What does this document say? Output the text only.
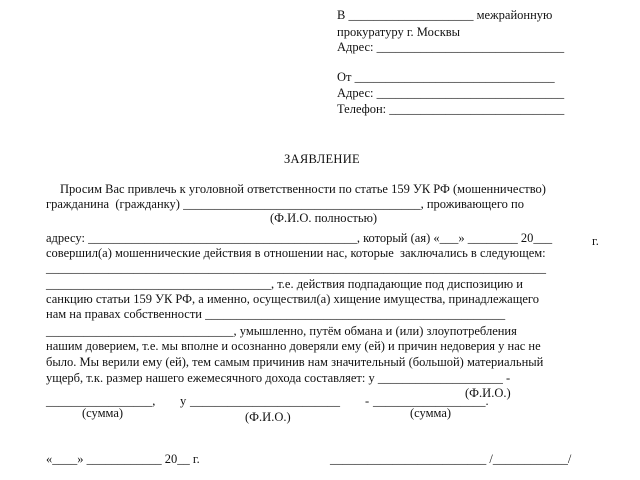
В ____________________ межрайонную
прокуратуру г. Москвы
Адрес: ______________________________
От ________________________________
Адрес: ______________________________
Телефон: ____________________________
ЗАЯВЛЕНИЕ
Просим Вас привлечь к уголовной ответственности по статье 159 УК РФ (мошенничество)
гражданина  (гражданку) ______________________________________, проживающего по
(Ф.И.О. полностью)
адресу: ___________________________________________, который (ая) «___» ________ 20___	г.
совершил(а) мошеннические действия в отношении нас, которые  заключались в следующем:
________________________________________________________________________________
____________________________________, т.е. действия подпадающие под диспозицию и
санкцию статьи 159 УК РФ, а именно, осуществил(а) хищение имущества, принадлежащего
нам на правах собственности ________________________________________________
______________________________, умышленно, путём обмана и (или) злоупотребления
нашим доверием, т.е. мы вполне и осознанно доверяли ему (ей) и причин недоверия у нас не
было. Мы верили ему (ей), тем самым причинив нам значительный (большой) материальный
ущерб, т.к. размер нашего ежемесячного дохода составляет: у ____________________ -
(Ф.И.О.)
_________________, у ________________________ - __________________.
(сумма)	(Ф.И.О.)	(сумма)
«____» ____________ 20__ г.	_________________________ /____________/
